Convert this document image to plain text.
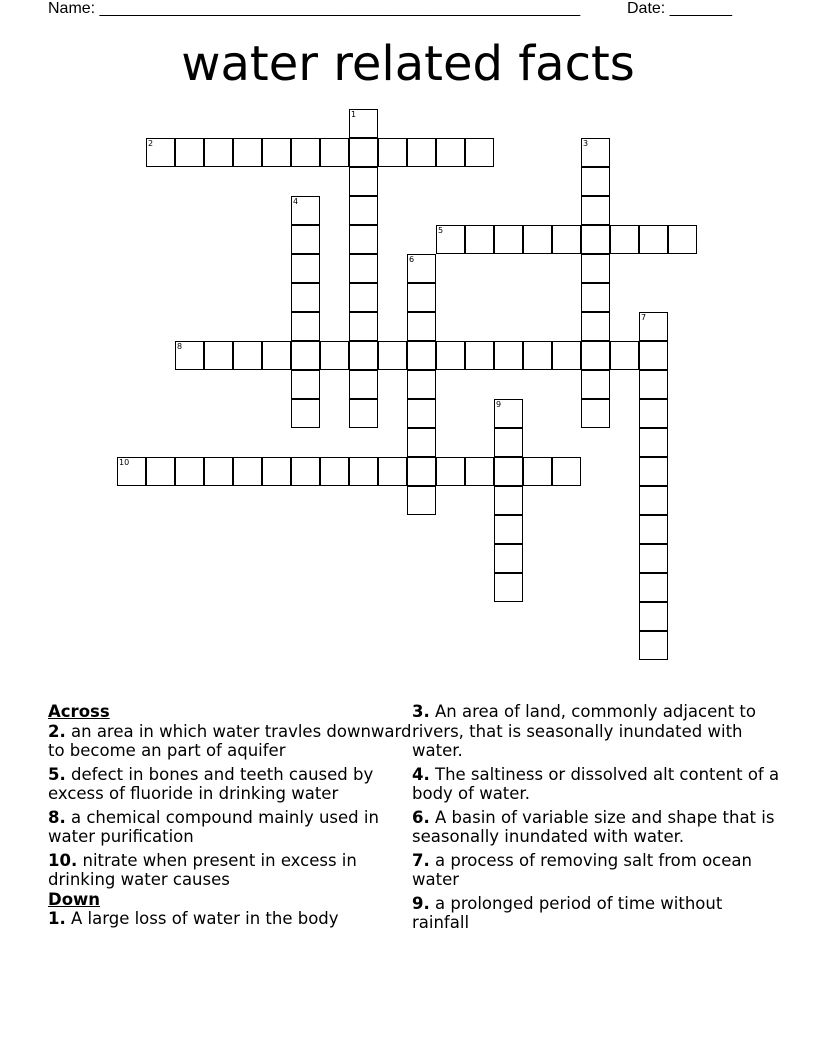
Name: ______________________________________________________	Date: _______
water related facts
1
2	3
4
5
6
7
8
9
10
Across
2. an area in which water travles downward to become an part of aquifer
5. defect in bones and teeth caused by excess of fluoride in drinking water
8. a chemical compound mainly used in water purification
10. nitrate when present in excess in drinking water causes
Down
1. A large loss of water in the body
3. An area of land, commonly adjacent to rivers, that is seasonally inundated with water.
4. The saltiness or dissolved alt content of a body of water.
6. A basin of variable size and shape that is seasonally inundated with water.
7. a process of removing salt from ocean water
9. a prolonged period of time without rainfall
